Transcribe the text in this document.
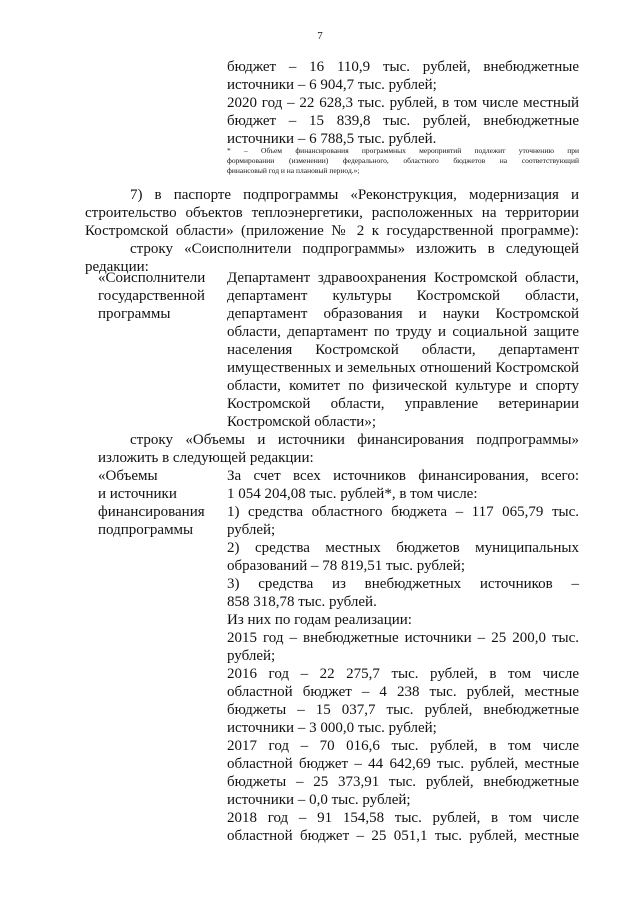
7
бюджет – 16 110,9 тыс. рублей, внебюджетные
источники – 6 904,7 тыс. рублей;
2020 год – 22 628,3 тыс. рублей, в том числе местный
бюджет – 15 839,8 тыс. рублей, внебюджетные
источники – 6 788,5 тыс. рублей.
* – Объем финансирования программных мероприятий подлежит уточнению при
формировании (изменении) федерального, областного бюджетов на соответствующий
финансовый год и на плановый период.»;
7) в паспорте подпрограммы «Реконструкция, модернизация и
строительство объектов теплоэнергетики, расположенных на территории
Костромской области» (приложение № 2 к государственной программе):
строку «Соисполнители подпрограммы» изложить в следующей
редакции:
«Соисполнители
государственной
программы
Департамент здравоохранения Костромской области,
департамент культуры Костромской области,
департамент образования и науки Костромской
области, департамент по труду и социальной защите
населения Костромской области, департамент
имущественных и земельных отношений Костромской
области, комитет по физической культуре и спорту
Костромской области, управление ветеринарии
Костромской области»;
строку «Объемы и источники финансирования подпрограммы»
изложить в следующей редакции:
«Объемы
и источники
финансирования
подпрограммы
За счет всех источников финансирования, всего:
1 054 204,08 тыс. рублей*, в том числе:
1) средства областного бюджета – 117 065,79 тыс.
рублей;
2) средства местных бюджетов муниципальных
образований – 78 819,51 тыс. рублей;
3) средства из внебюджетных источников –
858 318,78 тыс. рублей.
Из них по годам реализации:
2015 год – внебюджетные источники – 25 200,0 тыс.
рублей;
2016 год – 22 275,7 тыс. рублей, в том числе
областной бюджет – 4 238 тыс. рублей, местные
бюджеты – 15 037,7 тыс. рублей, внебюджетные
источники – 3 000,0 тыс. рублей;
2017 год – 70 016,6 тыс. рублей, в том числе
областной бюджет – 44 642,69 тыс. рублей, местные
бюджеты – 25 373,91 тыс. рублей, внебюджетные
источники – 0,0 тыс. рублей;
2018 год – 91 154,58 тыс. рублей, в том числе
областной бюджет – 25 051,1 тыс. рублей, местные
